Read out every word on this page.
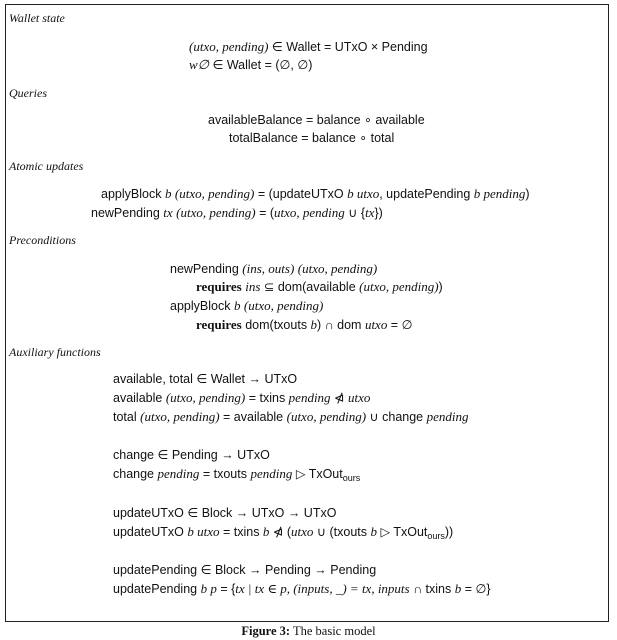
Wallet state
(utxo, pending) ∈ Wallet = UTxO × Pending
w∅ ∈ Wallet = (∅, ∅)
Queries
availableBalance = balance ∘ available
totalBalance = balance ∘ total
Atomic updates
applyBlock b (utxo, pending) = (updateUTxO b utxo, updatePending b pending)
newPending tx (utxo, pending) = (utxo, pending ∪ {tx})
Preconditions
newPending (ins, outs) (utxo, pending)
requires ins ⊆ dom(available (utxo, pending))
applyBlock b (utxo, pending)
requires dom(txouts b) ∩ dom utxo = ∅
Auxiliary functions
available, total ∈ Wallet → UTxO
available (utxo, pending) = txins pending ⋪ utxo
total (utxo, pending) = available (utxo, pending) ∪ change pending
change ∈ Pending → UTxO
change pending = txouts pending ▷ TxOut$_{ours}$
updateUTxO ∈ Block → UTxO → UTxO
updateUTxO b utxo = txins b ⋪ (utxo ∪ (txouts b ▷ TxOut$_{ours}$))
updatePending ∈ Block → Pending → Pending
updatePending b p = {tx | tx ∈ p, (inputs, _) = tx, inputs ∩ txins b = ∅}
Figure 3: The basic model
